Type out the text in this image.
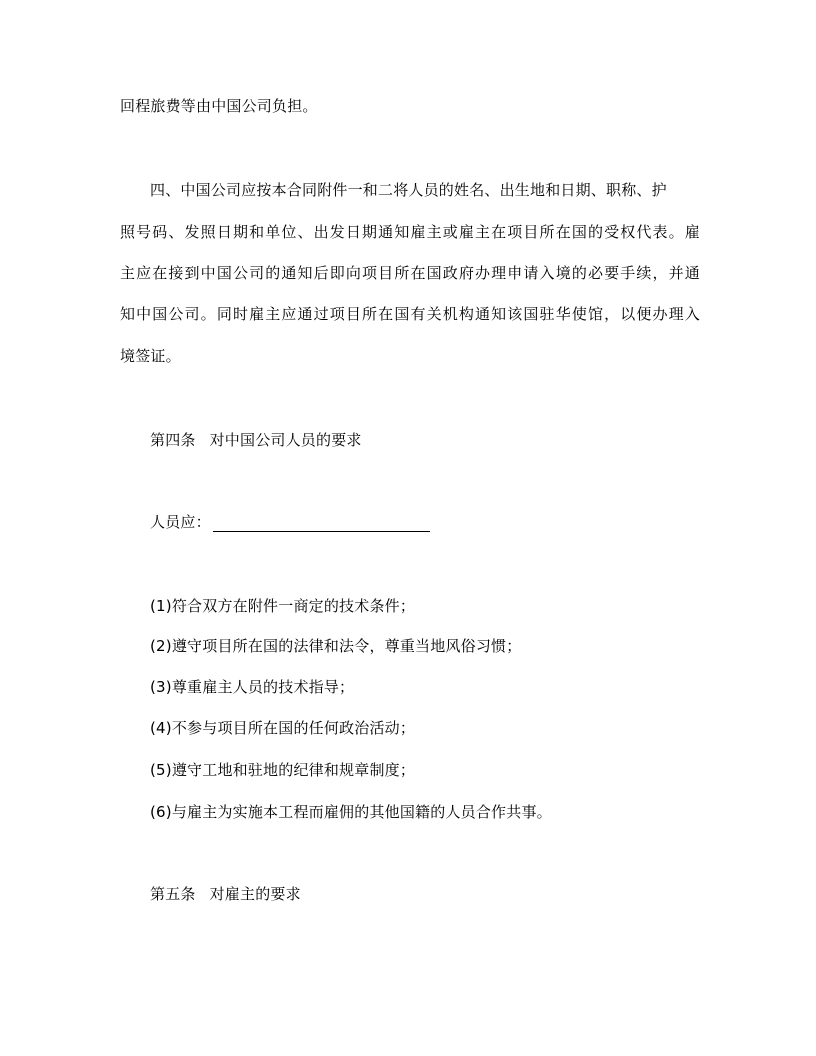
回程旅费等由中国公司负担。
四、中国公司应按本合同附件一和二将人员的姓名、出生地和日期、职称、护
照号码、发照日期和单位、出发日期通知雇主或雇主在项目所在国的受权代表。雇
主应在接到中国公司的通知后即向项目所在国政府办理申请入境的必要手续，并通
知中国公司。同时雇主应通过项目所在国有关机构通知该国驻华使馆，以便办理入
境签证。
第四条 对中国公司人员的要求
人员应：
(1)符合双方在附件一商定的技术条件；
(2)遵守项目所在国的法律和法令，尊重当地风俗习惯；
(3)尊重雇主人员的技术指导；
(4)不参与项目所在国的任何政治活动；
(5)遵守工地和驻地的纪律和规章制度；
(6)与雇主为实施本工程而雇佣的其他国籍的人员合作共事。
第五条 对雇主的要求
